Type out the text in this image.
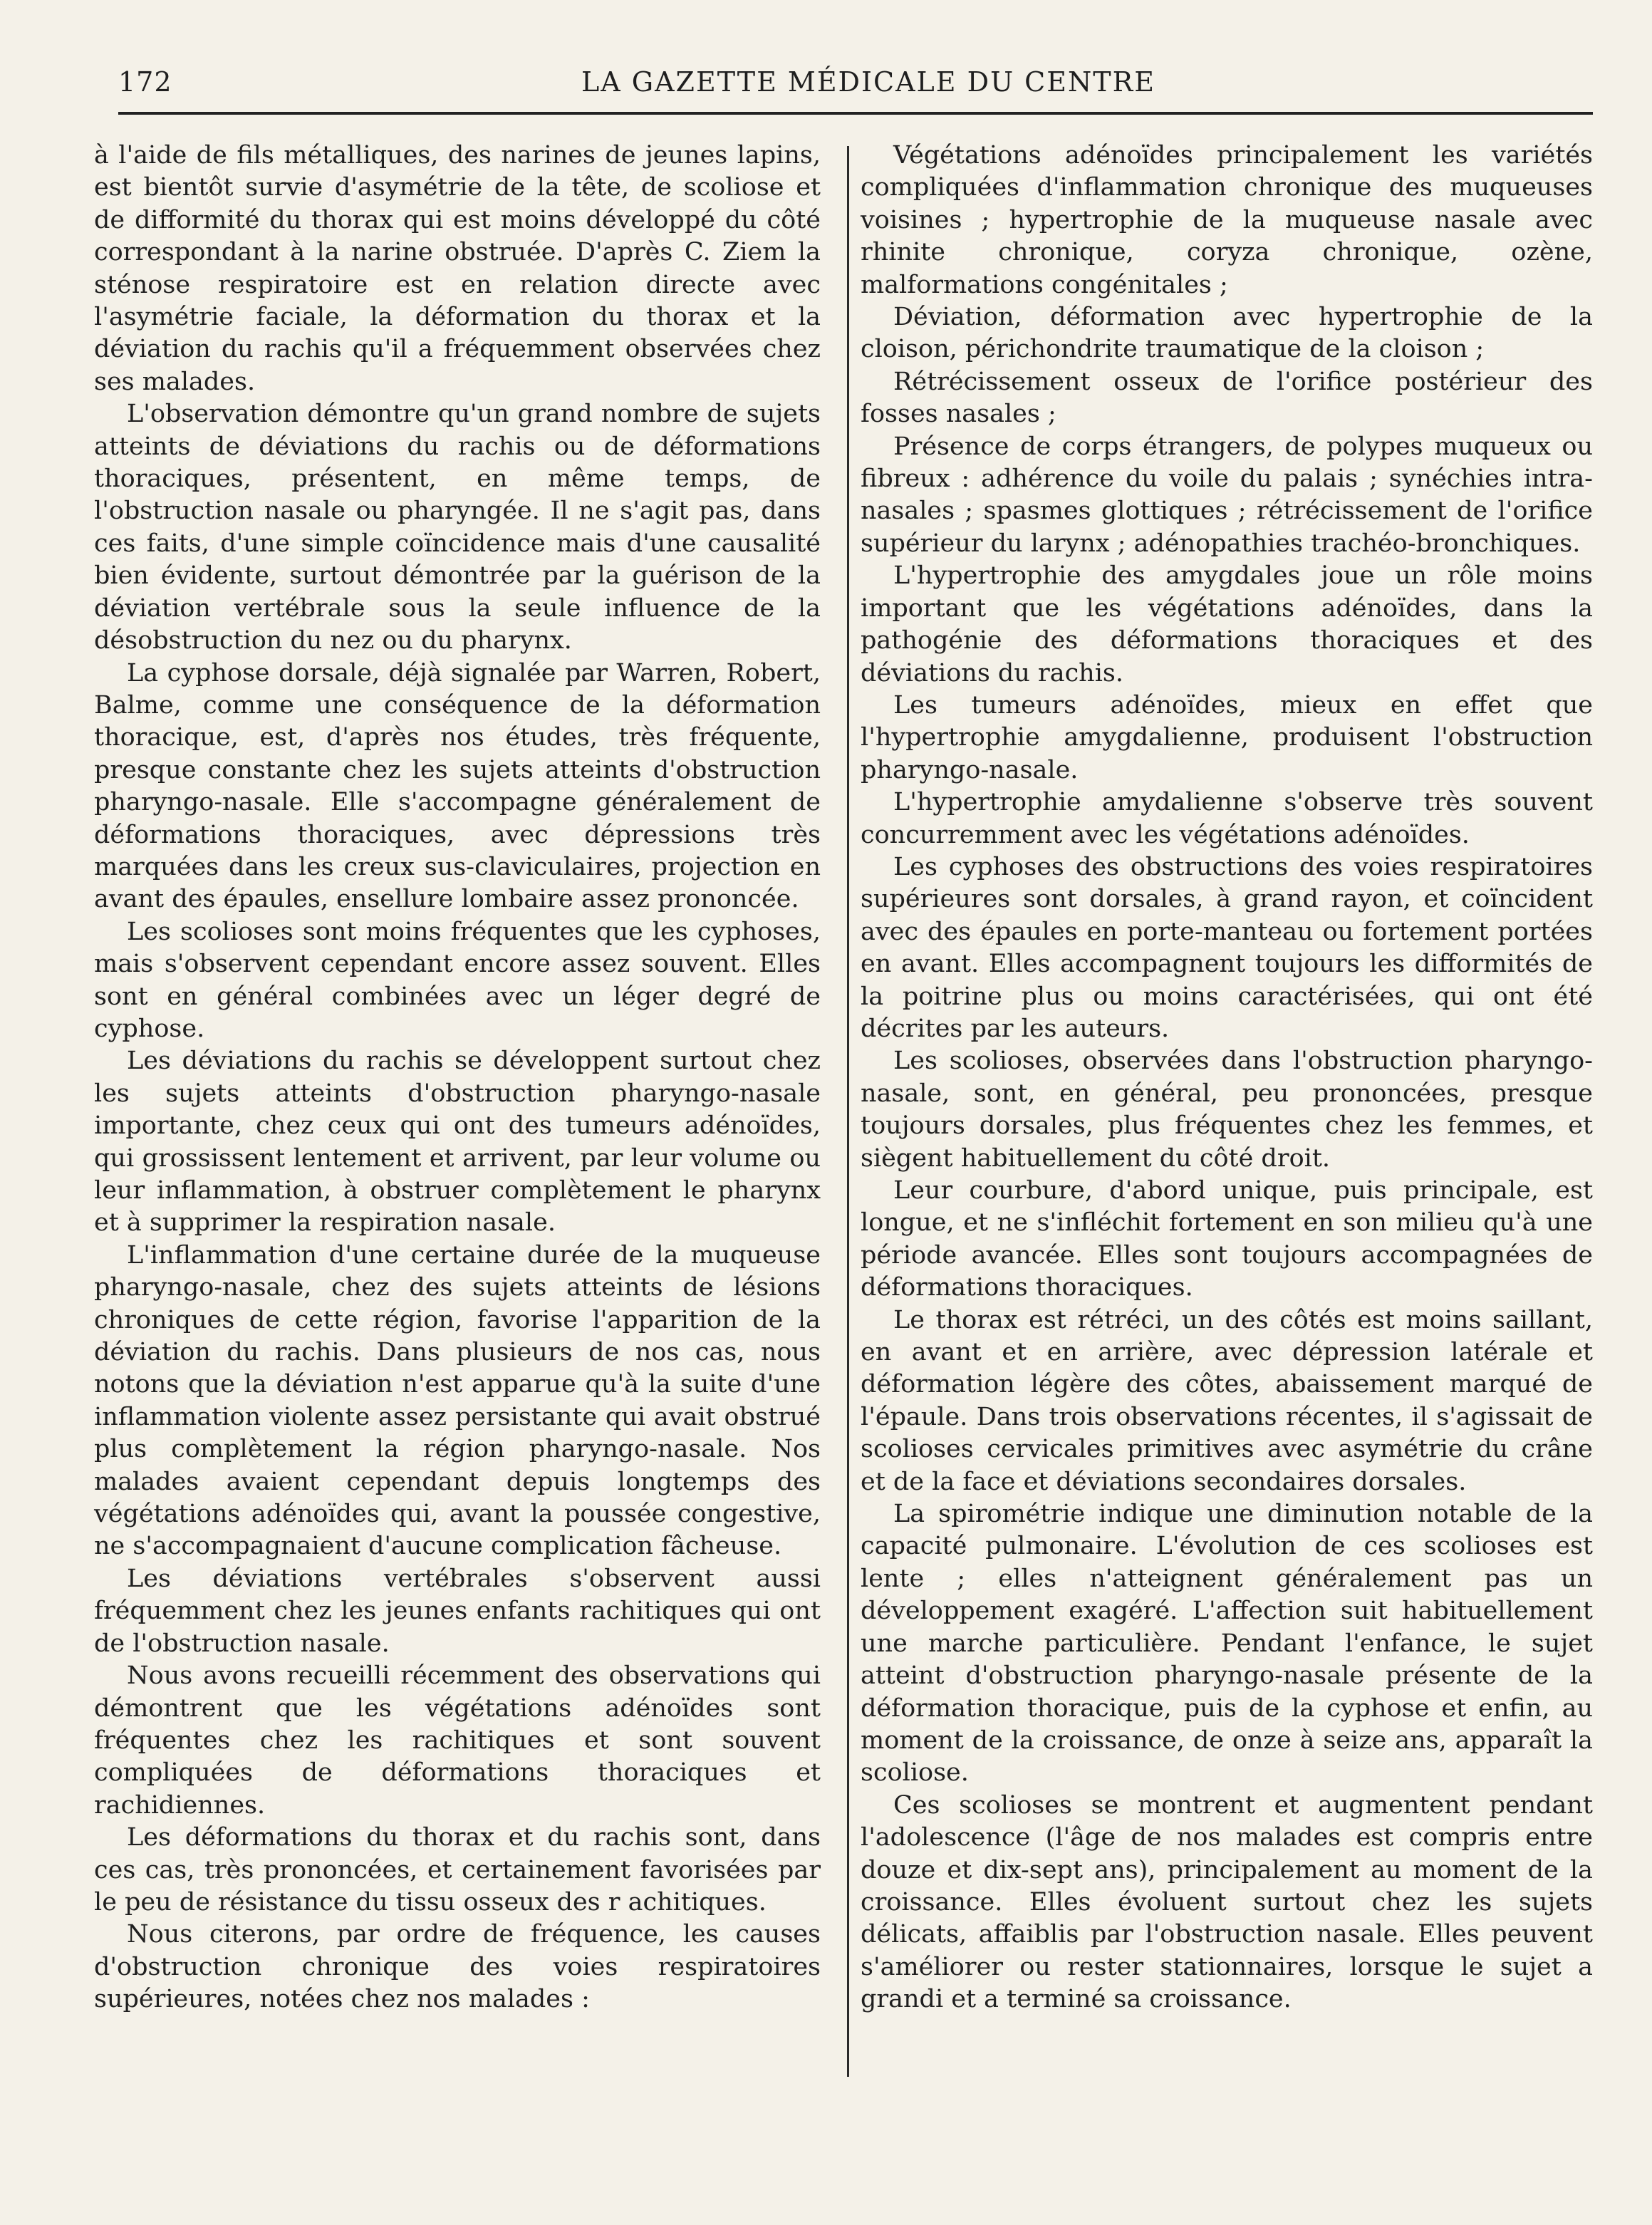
172	LA GAZETTE MÉDICALE DU CENTRE

à l'aide de fils métalliques, des narines de jeunes lapins, est bientôt survie d'asymétrie de la tête, de scoliose et de difformité du thorax qui est moins développé du côté correspondant à la narine obstruée. D'après C. Ziem la sténose respiratoire est en relation directe avec l'asymétrie faciale, la déformation du thorax et la déviation du rachis qu'il a fréquemment observées chez ses malades.

L'observation démontre qu'un grand nombre de sujets atteints de déviations du rachis ou de déformations thoraciques, présentent, en même temps, de l'obstruction nasale ou pharyngée. Il ne s'agit pas, dans ces faits, d'une simple coïncidence mais d'une causalité bien évidente, surtout démontrée par la guérison de la déviation vertébrale sous la seule influence de la désobstruction du nez ou du pharynx.

La cyphose dorsale, déjà signalée par Warren, Robert, Balme, comme une conséquence de la déformation thoracique, est, d'après nos études, très fréquente, presque constante chez les sujets atteints d'obstruction pharyngo-nasale. Elle s'accompagne généralement de déformations thoraciques, avec dépressions très marquées dans les creux sus-claviculaires, projection en avant des épaules, ensellure lombaire assez prononcée.

Les scolioses sont moins fréquentes que les cyphoses, mais s'observent cependant encore assez souvent. Elles sont en général combinées avec un léger degré de cyphose.

Les déviations du rachis se développent surtout chez les sujets atteints d'obstruction pharyngo-nasale importante, chez ceux qui ont des tumeurs adénoïdes, qui grossissent lentement et arrivent, par leur volume ou leur inflammation, à obstruer complètement le pharynx et à supprimer la respiration nasale.

L'inflammation d'une certaine durée de la muqueuse pharyngo-nasale, chez des sujets atteints de lésions chroniques de cette région, favorise l'apparition de la déviation du rachis. Dans plusieurs de nos cas, nous notons que la déviation n'est apparue qu'à la suite d'une inflammation violente assez persistante qui avait obstrué plus complètement la région pharyngo-nasale. Nos malades avaient cependant depuis longtemps des végétations adénoïdes qui, avant la poussée congestive, ne s'accompagnaient d'aucune complication fâcheuse.

Les déviations vertébrales s'observent aussi fréquemment chez les jeunes enfants rachitiques qui ont de l'obstruction nasale.

Nous avons recueilli récemment des observations qui démontrent que les végétations adénoïdes sont fréquentes chez les rachitiques et sont souvent compliquées de déformations thoraciques et rachidiennes.

Les déformations du thorax et du rachis sont, dans ces cas, très prononcées, et certainement favorisées par le peu de résistance du tissu osseux des r achitiques.

Nous citerons, par ordre de fréquence, les causes d'obstruction chronique des voies respiratoires supérieures, notées chez nos malades :

Végétations adénoïdes principalement les variétés compliquées d'inflammation chronique des muqueuses voisines ; hypertrophie de la muqueuse nasale avec rhinite chronique, coryza chronique, ozène, malformations congénitales ;

Déviation, déformation avec hypertrophie de la cloison, périchondrite traumatique de la cloison ;

Rétrécissement osseux de l'orifice postérieur des fosses nasales ;

Présence de corps étrangers, de polypes muqueux ou fibreux : adhérence du voile du palais ; synéchies intra-nasales ; spasmes glottiques ; rétrécissement de l'orifice supérieur du larynx ; adénopathies trachéo-bronchiques.

L'hypertrophie des amygdales joue un rôle moins important que les végétations adénoïdes, dans la pathogénie des déformations thoraciques et des déviations du rachis.

Les tumeurs adénoïdes, mieux en effet que l'hypertrophie amygdalienne, produisent l'obstruction pharyngo-nasale.

L'hypertrophie amydalienne s'observe très souvent concurremment avec les végétations adénoïdes.

Les cyphoses des obstructions des voies respiratoires supérieures sont dorsales, à grand rayon, et coïncident avec des épaules en porte-manteau ou fortement portées en avant. Elles accompagnent toujours les difformités de la poitrine plus ou moins caractérisées, qui ont été décrites par les auteurs.

Les scolioses, observées dans l'obstruction pharyngo-nasale, sont, en général, peu prononcées, presque toujours dorsales, plus fréquentes chez les femmes, et siègent habituellement du côté droit.

Leur courbure, d'abord unique, puis principale, est longue, et ne s'infléchit fortement en son milieu qu'à une période avancée. Elles sont toujours accompagnées de déformations thoraciques.

Le thorax est rétréci, un des côtés est moins saillant, en avant et en arrière, avec dépression latérale et déformation légère des côtes, abaissement marqué de l'épaule. Dans trois observations récentes, il s'agissait de scolioses cervicales primitives avec asymétrie du crâne et de la face et déviations secondaires dorsales.

La spirométrie indique une diminution notable de la capacité pulmonaire. L'évolution de ces scolioses est lente ; elles n'atteignent généralement pas un développement exagéré. L'affection suit habituellement une marche particulière. Pendant l'enfance, le sujet atteint d'obstruction pharyngo-nasale présente de la déformation thoracique, puis de la cyphose et enfin, au moment de la croissance, de onze à seize ans, apparaît la scoliose.

Ces scolioses se montrent et augmentent pendant l'adolescence (l'âge de nos malades est compris entre douze et dix-sept ans), principalement au moment de la croissance. Elles évoluent surtout chez les sujets délicats, affaiblis par l'obstruction nasale. Elles peuvent s'améliorer ou rester stationnaires, lorsque le sujet a grandi et a terminé sa croissance.
